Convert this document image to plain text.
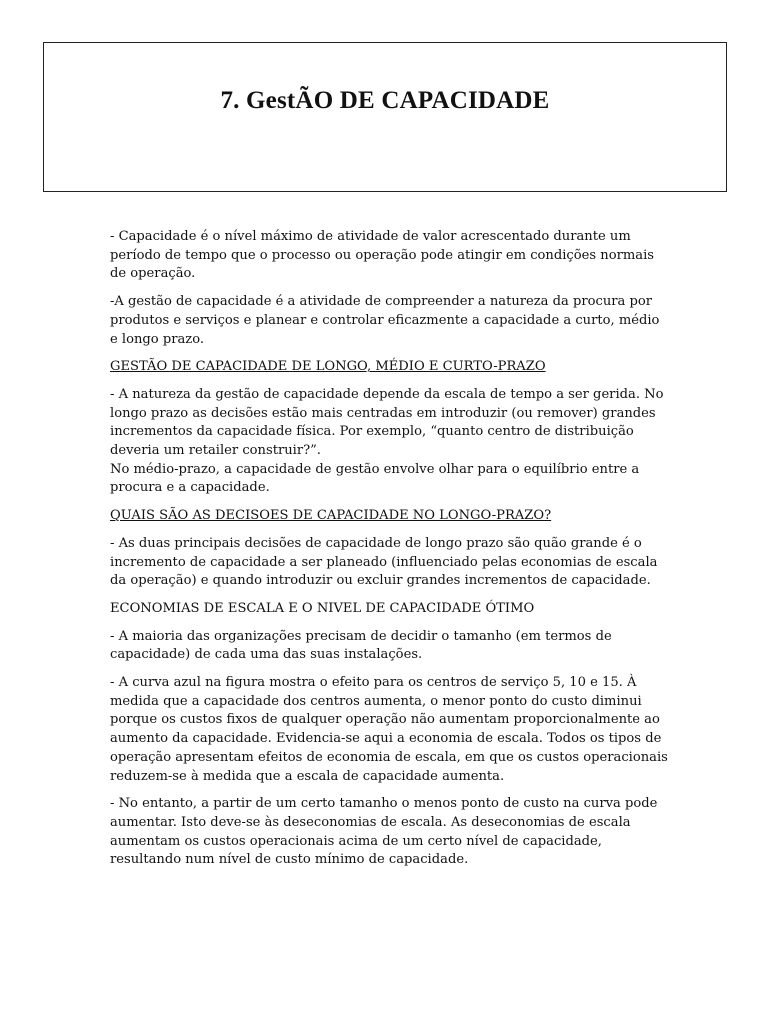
7. GestÃO DE CAPACIDADE

- Capacidade é o nível máximo de atividade de valor acrescentado durante um período de tempo que o processo ou operação pode atingir em condições normais de operação.

-A gestão de capacidade é a atividade de compreender a natureza da procura por produtos e serviços e planear e controlar eficazmente a capacidade a curto, médio e longo prazo.

GESTÃO DE CAPACIDADE DE LONGO, MÉDIO E CURTO-PRAZO

- A natureza da gestão de capacidade depende da escala de tempo a ser gerida. No longo prazo as decisões estão mais centradas em introduzir (ou remover) grandes incrementos da capacidade física. Por exemplo, “quanto centro de distribuição deveria um retailer construir?”.
No médio-prazo, a capacidade de gestão envolve olhar para o equilíbrio entre a procura e a capacidade.

QUAIS SÃO AS DECISOES DE CAPACIDADE NO LONGO-PRAZO?

- As duas principais decisões de capacidade de longo prazo são quão grande é o incremento de capacidade a ser planeado (influenciado pelas economias de escala da operação) e quando introduzir ou excluir grandes incrementos de capacidade.

ECONOMIAS DE ESCALA E O NIVEL DE CAPACIDADE ÓTIMO

- A maioria das organizações precisam de decidir o tamanho (em termos de capacidade) de cada uma das suas instalações.

- A curva azul na figura mostra o efeito para os centros de serviço 5, 10 e 15. À medida que a capacidade dos centros aumenta, o menor ponto do custo diminui porque os custos fixos de qualquer operação não aumentam proporcionalmente ao aumento da capacidade. Evidencia-se aqui a economia de escala. Todos os tipos de operação apresentam efeitos de economia de escala, em que os custos operacionais reduzem-se à medida que a escala de capacidade aumenta.

- No entanto, a partir de um certo tamanho o menos ponto de custo na curva pode aumentar. Isto deve-se às deseconomias de escala. As deseconomias de escala aumentam os custos operacionais acima de um certo nível de capacidade, resultando num nível de custo mínimo de capacidade.
